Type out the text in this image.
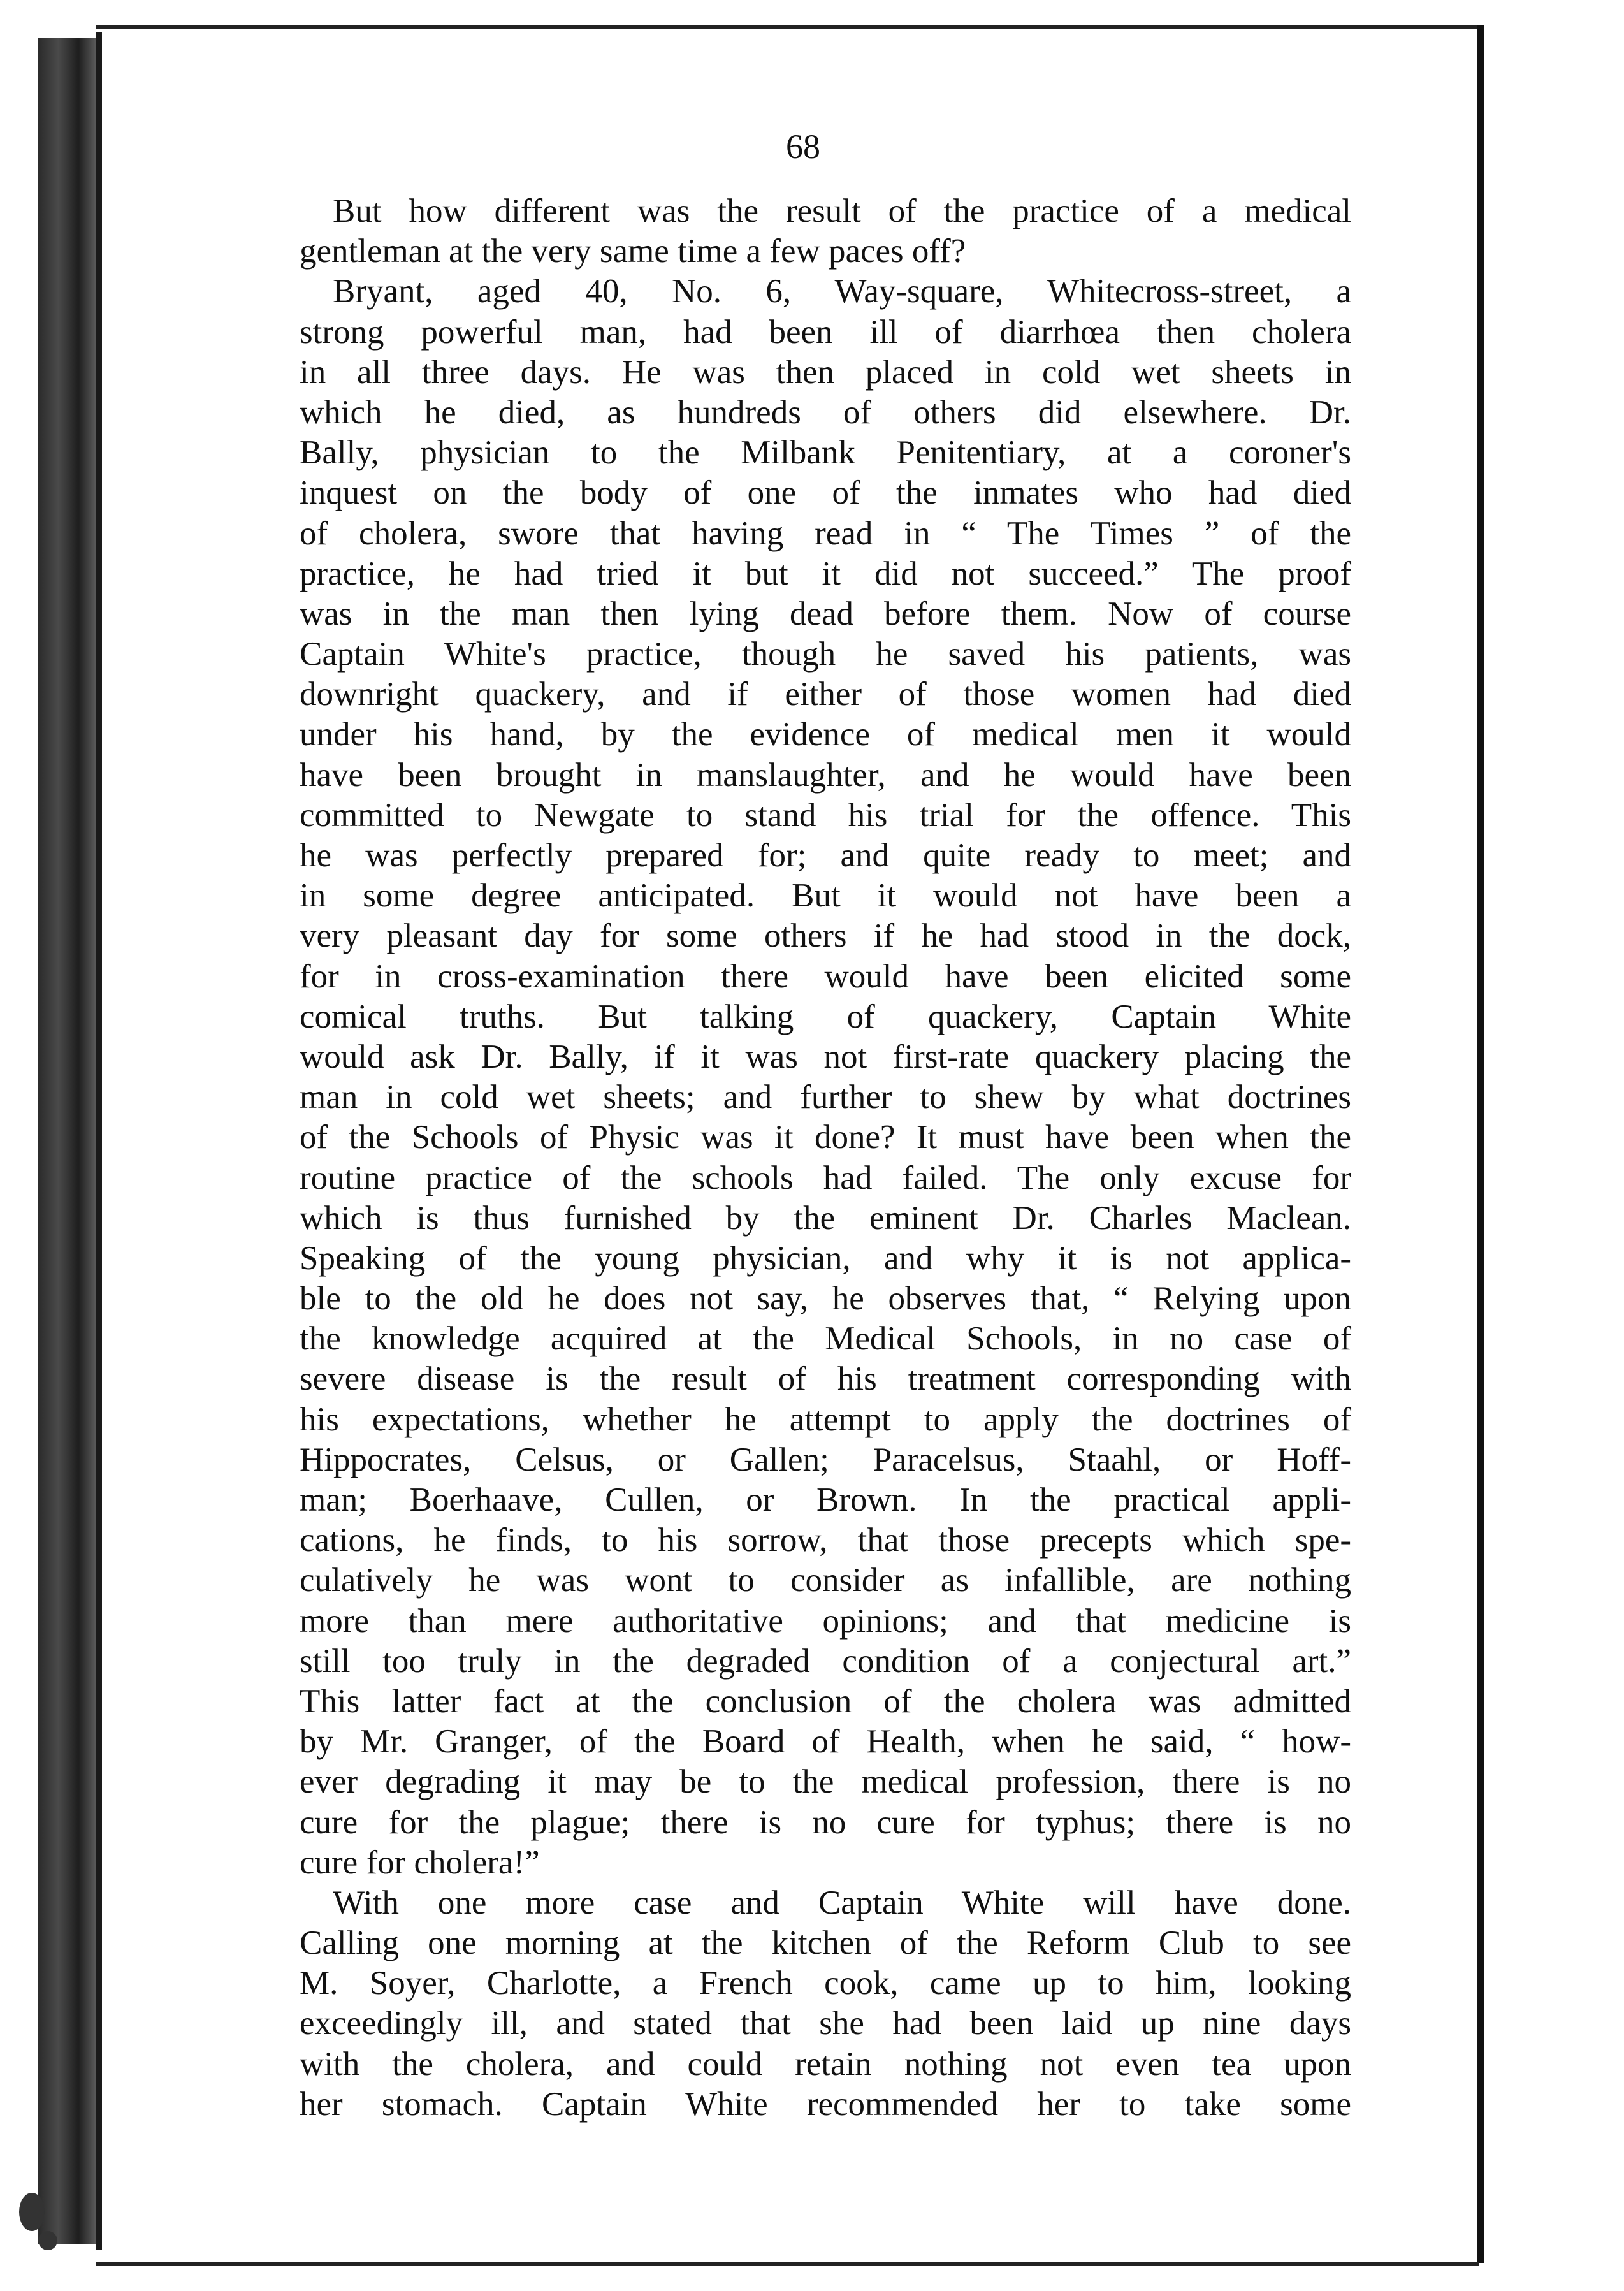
68
But how different was the result of the practice of a medical
gentleman at the very same time a few paces off?
Bryant, aged 40, No. 6, Way-square, Whitecross-street, a
strong powerful man, had been ill of diarrhœa then cholera
in all three days. He was then placed in cold wet sheets in
which he died, as hundreds of others did elsewhere. Dr.
Bally, physician to the Milbank Penitentiary, at a coroner's
inquest on the body of one of the inmates who had died
of cholera, swore that having read in “ The Times ” of the
practice, he had tried it but it did not succeed.” The proof
was in the man then lying dead before them. Now of course
Captain White's practice, though he saved his patients, was
downright quackery, and if either of those women had died
under his hand, by the evidence of medical men it would
have been brought in manslaughter, and he would have been
committed to Newgate to stand his trial for the offence. This
he was perfectly prepared for; and quite ready to meet; and
in some degree anticipated. But it would not have been a
very pleasant day for some others if he had stood in the dock,
for in cross-examination there would have been elicited some
comical truths. But talking of quackery, Captain White
would ask Dr. Bally, if it was not first-rate quackery placing the
man in cold wet sheets; and further to shew by what doctrines
of the Schools of Physic was it done? It must have been when the
routine practice of the schools had failed. The only excuse for
which is thus furnished by the eminent Dr. Charles Maclean.
Speaking of the young physician, and why it is not applica-
ble to the old he does not say, he observes that, “ Relying upon
the knowledge acquired at the Medical Schools, in no case of
severe disease is the result of his treatment corresponding with
his expectations, whether he attempt to apply the doctrines of
Hippocrates, Celsus, or Gallen; Paracelsus, Staahl, or Hoff-
man; Boerhaave, Cullen, or Brown. In the practical appli-
cations, he finds, to his sorrow, that those precepts which spe-
culatively he was wont to consider as infallible, are nothing
more than mere authoritative opinions; and that medicine is
still too truly in the degraded condition of a conjectural art.”
This latter fact at the conclusion of the cholera was admitted
by Mr. Granger, of the Board of Health, when he said, “ how-
ever degrading it may be to the medical profession, there is no
cure for the plague; there is no cure for typhus; there is no
cure for cholera!”
With one more case and Captain White will have done.
Calling one morning at the kitchen of the Reform Club to see
M. Soyer, Charlotte, a French cook, came up to him, looking
exceedingly ill, and stated that she had been laid up nine days
with the cholera, and could retain nothing not even tea upon
her stomach. Captain White recommended her to take some
